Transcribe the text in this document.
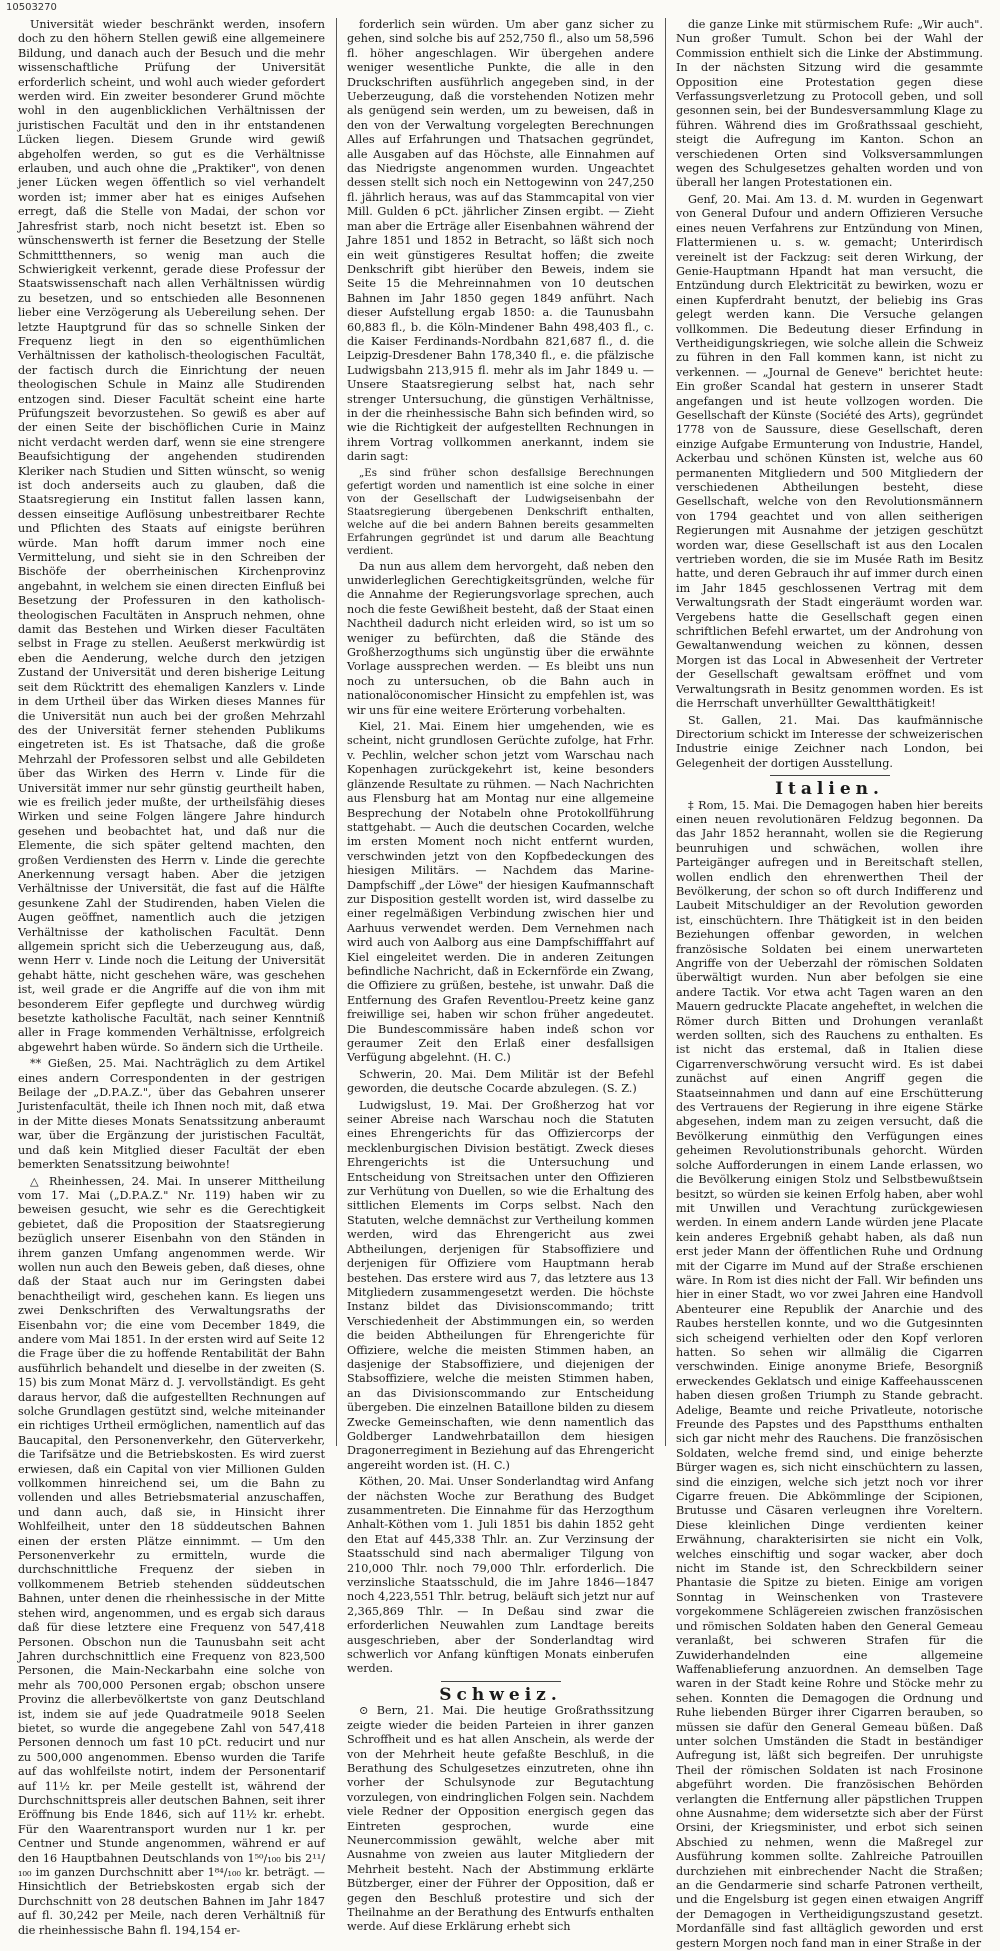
10503270

Universität wieder beschränkt werden, insofern doch zu den höhern Stellen gewiß eine allgemeinere Bildung, und danach auch der Besuch und die mehr wissenschaftliche Prüfung der Universität erforderlich scheint, und wohl auch wieder gefordert werden wird. Ein zweiter besonderer Grund möchte wohl in den augenblicklichen Verhältnissen der juristischen Facultät und den in ihr entstandenen Lücken liegen. Diesem Grunde wird gewiß abgeholfen werden, so gut es die Verhältnisse erlauben, und auch ohne die „Praktiker", von denen jener Lücken wegen öffentlich so viel verhandelt worden ist; immer aber hat es einiges Aufsehen erregt, daß die Stelle von Madai, der schon vor Jahresfrist starb, noch nicht besetzt ist. Eben so wünschenswerth ist ferner die Besetzung der Stelle Schmittthenners, so wenig man auch die Schwierigkeit verkennt, gerade diese Professur der Staatswissenschaft nach allen Verhältnissen würdig zu besetzen, und so entschieden alle Besonnenen lieber eine Verzögerung als Uebereilung sehen. Der letzte Hauptgrund für das so schnelle Sinken der Frequenz liegt in den so eigenthümlichen Verhältnissen der katholisch-theologischen Facultät, der factisch durch die Einrichtung der neuen theologischen Schule in Mainz alle Studirenden entzogen sind. Dieser Facultät scheint eine harte Prüfungszeit bevorzustehen. So gewiß es aber auf der einen Seite der bischöflichen Curie in Mainz nicht verdacht werden darf, wenn sie eine strengere Beaufsichtigung der angehenden studirenden Kleriker nach Studien und Sitten wünscht, so wenig ist doch anderseits auch zu glauben, daß die Staatsregierung ein Institut fallen lassen kann, dessen einseitige Auflösung unbestreitbarer Rechte und Pflichten des Staats auf einigste berühren würde. Man hofft darum immer noch eine Vermittelung, und sieht sie in den Schreiben der Bischöfe der oberrheinischen Kirchenprovinz angebahnt, in welchem sie einen directen Einfluß bei Besetzung der Professuren in den katholisch-theologischen Facultäten in Anspruch nehmen, ohne damit das Bestehen und Wirken dieser Facultäten selbst in Frage zu stellen. Aeußerst merkwürdig ist eben die Aenderung, welche durch den jetzigen Zustand der Universität und deren bisherige Leitung seit dem Rücktritt des ehemaligen Kanzlers v. Linde in dem Urtheil über das Wirken dieses Mannes für die Universität nun auch bei der großen Mehrzahl des der Universität ferner stehenden Publikums eingetreten ist. Es ist Thatsache, daß die große Mehrzahl der Professoren selbst und alle Gebildeten über das Wirken des Herrn v. Linde für die Universität immer nur sehr günstig geurtheilt haben, wie es freilich jeder mußte, der urtheilsfähig dieses Wirken und seine Folgen längere Jahre hindurch gesehen und beobachtet hat, und daß nur die Elemente, die sich später geltend machten, den großen Verdiensten des Herrn v. Linde die gerechte Anerkennung versagt haben. Aber die jetzigen Verhältnisse der Universität, die fast auf die Hälfte gesunkene Zahl der Studirenden, haben Vielen die Augen geöffnet, namentlich auch die jetzigen Verhältnisse der katholischen Facultät. Denn allgemein spricht sich die Ueberzeugung aus, daß, wenn Herr v. Linde noch die Leitung der Universität gehabt hätte, nicht geschehen wäre, was geschehen ist, weil grade er die Angriffe auf die von ihm mit besonderem Eifer gepflegte und durchweg würdig besetzte katholische Facultät, nach seiner Kenntniß aller in Frage kommenden Verhältnisse, erfolgreich abgewehrt haben würde. So ändern sich die Urtheile.

** Gießen, 25. Mai. Nachträglich zu dem Artikel eines andern Correspondenten in der gestrigen Beilage der „D.P.A.Z.", über das Gebahren unserer Juristenfacultät, theile ich Ihnen noch mit, daß etwa in der Mitte dieses Monats Senatssitzung anberaumt war, über die Ergänzung der juristischen Facultät, und daß kein Mitglied dieser Facultät der eben bemerkten Senatssitzung beiwohnte!

△ Rheinhessen, 24. Mai. In unserer Mittheilung vom 17. Mai („D.P.A.Z." Nr. 119) haben wir zu beweisen gesucht, wie sehr es die Gerechtigkeit gebietet, daß die Proposition der Staatsregierung bezüglich unserer Eisenbahn von den Ständen in ihrem ganzen Umfang angenommen werde. Wir wollen nun auch den Beweis geben, daß dieses, ohne daß der Staat auch nur im Geringsten dabei benachtheiligt wird, geschehen kann. Es liegen uns zwei Denkschriften des Verwaltungsraths der Eisenbahn vor; die eine vom December 1849, die andere vom Mai 1851. In der ersten wird auf Seite 12 die Frage über die zu hoffende Rentabilität der Bahn ausführlich behandelt und dieselbe in der zweiten (S. 15) bis zum Monat März d. J. vervollständigt. Es geht daraus hervor, daß die aufgestellten Rechnungen auf solche Grundlagen gestützt sind, welche miteinander ein richtiges Urtheil ermöglichen, namentlich auf das Baucapital, den Personenverkehr, den Güterverkehr, die Tarifsätze und die Betriebskosten. Es wird zuerst erwiesen, daß ein Capital von vier Millionen Gulden vollkommen hinreichend sei, um die Bahn zu vollenden und alles Betriebsmaterial anzuschaffen, und dann auch, daß sie, in Hinsicht ihrer Wohlfeilheit, unter den 18 süddeutschen Bahnen einen der ersten Plätze einnimmt. — Um den Personenverkehr zu ermitteln, wurde die durchschnittliche Frequenz der sieben in vollkommenem Betrieb stehenden süddeutschen Bahnen, unter denen die rheinhessische in der Mitte stehen wird, angenommen, und es ergab sich daraus daß für diese letztere eine Frequenz von 547,418 Personen. Obschon nun die Taunusbahn seit acht Jahren durchschnittlich eine Frequenz von 823,500 Personen, die Main-Neckarbahn eine solche von mehr als 700,000 Personen ergab; obschon unsere Provinz die allerbevölkertste von ganz Deutschland ist, indem sie auf jede Quadratmeile 9018 Seelen bietet, so wurde die angegebene Zahl von 547,418 Personen dennoch um fast 10 pCt. reducirt und nur zu 500,000 angenommen. Ebenso wurden die Tarife auf das wohlfeilste notirt, indem der Personentarif auf 11½ kr. per Meile gestellt ist, während der Durchschnittspreis aller deutschen Bahnen, seit ihrer Eröffnung bis Ende 1846, sich auf 11½ kr. erhebt. Für den Waarentransport wurden nur 1 kr. per Centner und Stunde angenommen, während er auf den 16 Hauptbahnen Deutschlands von 1⁵⁰/₁₀₀ bis 2¹¹/₁₀₀ im ganzen Durchschnitt aber 1⁸⁴/₁₀₀ kr. beträgt. — Hinsichtlich der Betriebskosten ergab sich der Durchschnitt von 28 deutschen Bahnen im Jahr 1847 auf fl. 30,242 per Meile, nach deren Verhältniß für die rheinhessische Bahn fl. 194,154 er-

forderlich sein würden. Um aber ganz sicher zu gehen, sind solche bis auf 252,750 fl., also um 58,596 fl. höher angeschlagen. Wir übergehen andere weniger wesentliche Punkte, die alle in den Druckschriften ausführlich angegeben sind, in der Ueberzeugung, daß die vorstehenden Notizen mehr als genügend sein werden, um zu beweisen, daß in den von der Verwaltung vorgelegten Berechnungen Alles auf Erfahrungen und Thatsachen gegründet, alle Ausgaben auf das Höchste, alle Einnahmen auf das Niedrigste angenommen wurden. Ungeachtet dessen stellt sich noch ein Nettogewinn von 247,250 fl. jährlich heraus, was auf das Stammcapital von vier Mill. Gulden 6 pCt. jährlicher Zinsen ergibt. — Zieht man aber die Erträge aller Eisenbahnen während der Jahre 1851 und 1852 in Betracht, so läßt sich noch ein weit günstigeres Resultat hoffen; die zweite Denkschrift gibt hierüber den Beweis, indem sie Seite 15 die Mehreinnahmen von 10 deutschen Bahnen im Jahr 1850 gegen 1849 anführt. Nach dieser Aufstellung ergab 1850: a. die Taunusbahn 60,883 fl., b. die Köln-Mindener Bahn 498,403 fl., c. die Kaiser Ferdinands-Nordbahn 821,687 fl., d. die Leipzig-Dresdener Bahn 178,340 fl., e. die pfälzische Ludwigsbahn 213,915 fl. mehr als im Jahr 1849 u. — Unsere Staatsregierung selbst hat, nach sehr strenger Untersuchung, die günstigen Verhältnisse, in der die rheinhessische Bahn sich befinden wird, so wie die Richtigkeit der aufgestellten Rechnungen in ihrem Vortrag vollkommen anerkannt, indem sie darin sagt:

„Es sind früher schon desfallsige Berechnungen gefertigt worden und namentlich ist eine solche in einer von der Gesellschaft der Ludwigseisenbahn der Staatsregierung übergebenen Denkschrift enthalten, welche auf die bei andern Bahnen bereits gesammelten Erfahrungen gegründet ist und darum alle Beachtung verdient.

Da nun aus allem dem hervorgeht, daß neben den unwiderleglichen Gerechtigkeitsgründen, welche für die Annahme der Regierungsvorlage sprechen, auch noch die feste Gewißheit besteht, daß der Staat einen Nachtheil dadurch nicht erleiden wird, so ist um so weniger zu befürchten, daß die Stände des Großherzogthums sich ungünstig über die erwähnte Vorlage aussprechen werden. — Es bleibt uns nun noch zu untersuchen, ob die Bahn auch in nationalöconomischer Hinsicht zu empfehlen ist, was wir uns für eine weitere Erörterung vorbehalten.

Kiel, 21. Mai. Einem hier umgehenden, wie es scheint, nicht grundlosen Gerüchte zufolge, hat Frhr. v. Pechlin, welcher schon jetzt vom Warschau nach Kopenhagen zurückgekehrt ist, keine besonders glänzende Resultate zu rühmen. — Nach Nachrichten aus Flensburg hat am Montag nur eine allgemeine Besprechung der Notabeln ohne Protokollführung stattgehabt. — Auch die deutschen Cocarden, welche im ersten Moment noch nicht entfernt wurden, verschwinden jetzt von den Kopfbedeckungen des hiesigen Militärs. — Nachdem das Marine-Dampfschiff „der Löwe" der hiesigen Kaufmannschaft zur Disposition gestellt worden ist, wird dasselbe zu einer regelmäßigen Verbindung zwischen hier und Aarhuus verwendet werden. Dem Vernehmen nach wird auch von Aalborg aus eine Dampfschifffahrt auf Kiel eingeleitet werden. Die in anderen Zeitungen befindliche Nachricht, daß in Eckernförde ein Zwang, die Offiziere zu grüßen, bestehe, ist unwahr. Daß die Entfernung des Grafen Reventlou-Preetz keine ganz freiwillige sei, haben wir schon früher angedeutet. Die Bundescommissäre haben indeß schon vor geraumer Zeit den Erlaß einer desfallsigen Verfügung abgelehnt. (H. C.)

Schwerin, 20. Mai. Dem Militär ist der Befehl geworden, die deutsche Cocarde abzulegen. (S. Z.)

Ludwigslust, 19. Mai. Der Großherzog hat vor seiner Abreise nach Warschau noch die Statuten eines Ehrengerichts für das Offiziercorps der mecklenburgischen Division bestätigt. Zweck dieses Ehrengerichts ist die Untersuchung und Entscheidung von Streitsachen unter den Offizieren zur Verhütung von Duellen, so wie die Erhaltung des sittlichen Elements im Corps selbst. Nach den Statuten, welche demnächst zur Vertheilung kommen werden, wird das Ehrengericht aus zwei Abtheilungen, derjenigen für Stabsoffiziere und derjenigen für Offiziere vom Hauptmann herab bestehen. Das erstere wird aus 7, das letztere aus 13 Mitgliedern zusammengesetzt werden. Die höchste Instanz bildet das Divisionscommando; tritt Verschiedenheit der Abstimmungen ein, so werden die beiden Abtheilungen für Ehrengerichte für Offiziere, welche die meisten Stimmen haben, an dasjenige der Stabsoffiziere, und diejenigen der Stabsoffiziere, welche die meisten Stimmen haben, an das Divisionscommando zur Entscheidung übergeben. Die einzelnen Bataillone bilden zu diesem Zwecke Gemeinschaften, wie denn namentlich das Goldberger Landwehrbataillon dem hiesigen Dragonerregiment in Beziehung auf das Ehrengericht angereiht worden ist. (H. C.)

Köthen, 20. Mai. Unser Sonderlandtag wird Anfang der nächsten Woche zur Berathung des Budget zusammentreten. Die Einnahme für das Herzogthum Anhalt-Köthen vom 1. Juli 1851 bis dahin 1852 geht den Etat auf 445,338 Thlr. an. Zur Verzinsung der Staatsschuld sind nach abermaliger Tilgung von 210,000 Thlr. noch 79,000 Thlr. erforderlich. Die verzinsliche Staatsschuld, die im Jahre 1846—1847 noch 4,223,551 Thlr. betrug, beläuft sich jetzt nur auf 2,365,869 Thlr. — In Deßau sind zwar die erforderlichen Neuwahlen zum Landtage bereits ausgeschrieben, aber der Sonderlandtag wird schwerlich vor Anfang künftigen Monats einberufen werden.

Schweiz.

⊙ Bern, 21. Mai. Die heutige Großrathssitzung zeigte wieder die beiden Parteien in ihrer ganzen Schroffheit und es hat allen Anschein, als werde der von der Mehrheit heute gefaßte Beschluß, in die Berathung des Schulgesetzes einzutreten, ohne ihn vorher der Schulsynode zur Begutachtung vorzulegen, von eindringlichen Folgen sein. Nachdem viele Redner der Opposition energisch gegen das Eintreten gesprochen, wurde eine Neunercommission gewählt, welche aber mit Ausnahme von zweien aus lauter Mitgliedern der Mehrheit besteht. Nach der Abstimmung erklärte Bützberger, einer der Führer der Opposition, daß er gegen den Beschluß protestire und sich der Theilnahme an der Berathung des Entwurfs enthalten werde. Auf diese Erklärung erhebt sich

die ganze Linke mit stürmischem Rufe: „Wir auch". Nun großer Tumult. Schon bei der Wahl der Commission enthielt sich die Linke der Abstimmung. In der nächsten Sitzung wird die gesammte Opposition eine Protestation gegen diese Verfassungsverletzung zu Protocoll geben, und soll gesonnen sein, bei der Bundesversammlung Klage zu führen. Während dies im Großrathssaal geschieht, steigt die Aufregung im Kanton. Schon an verschiedenen Orten sind Volksversammlungen wegen des Schulgesetzes gehalten worden und von überall her langen Protestationen ein.

Genf, 20. Mai. Am 13. d. M. wurden in Gegenwart von General Dufour und andern Offizieren Versuche eines neuen Verfahrens zur Entzündung von Minen, Flattermienen u. s. w. gemacht; Unterirdisch vereinelt ist der Fackzug: seit deren Wirkung, der Genie-Hauptmann Hpandt hat man versucht, die Entzündung durch Elektricität zu bewirken, wozu er einen Kupferdraht benutzt, der beliebig ins Gras gelegt werden kann. Die Versuche gelangen vollkommen. Die Bedeutung dieser Erfindung in Vertheidigungskriegen, wie solche allein die Schweiz zu führen in den Fall kommen kann, ist nicht zu verkennen. — „Journal de Geneve" berichtet heute: Ein großer Scandal hat gestern in unserer Stadt angefangen und ist heute vollzogen worden. Die Gesellschaft der Künste (Société des Arts), gegründet 1778 von de Saussure, diese Gesellschaft, deren einzige Aufgabe Ermunterung von Industrie, Handel, Ackerbau und schönen Künsten ist, welche aus 60 permanenten Mitgliedern und 500 Mitgliedern der verschiedenen Abtheilungen besteht, diese Gesellschaft, welche von den Revolutionsmännern von 1794 geachtet und von allen seitherigen Regierungen mit Ausnahme der jetzigen geschützt worden war, diese Gesellschaft ist aus den Localen vertrieben worden, die sie im Musée Rath im Besitz hatte, und deren Gebrauch ihr auf immer durch einen im Jahr 1845 geschlossenen Vertrag mit dem Verwaltungsrath der Stadt eingeräumt worden war. Vergebens hatte die Gesellschaft gegen einen schriftlichen Befehl erwartet, um der Androhung von Gewaltanwendung weichen zu können, dessen Morgen ist das Local in Abwesenheit der Vertreter der Gesellschaft gewaltsam eröffnet und vom Verwaltungsrath in Besitz genommen worden. Es ist die Herrschaft unverhüllter Gewaltthätigkeit!

St. Gallen, 21. Mai. Das kaufmännische Directorium schickt im Interesse der schweizerischen Industrie einige Zeichner nach London, bei Gelegenheit der dortigen Ausstellung.

Italien.

‡ Rom, 15. Mai. Die Demagogen haben hier bereits einen neuen revolutionären Feldzug begonnen. Da das Jahr 1852 herannaht, wollen sie die Regierung beunruhigen und schwächen, wollen ihre Parteigänger aufregen und in Bereitschaft stellen, wollen endlich den ehrenwerthen Theil der Bevölkerung, der schon so oft durch Indifferenz und Laubeit Mitschuldiger an der Revolution geworden ist, einschüchtern. Ihre Thätigkeit ist in den beiden Beziehungen offenbar geworden, in welchen französische Soldaten bei einem unerwarteten Angriffe von der Ueberzahl der römischen Soldaten überwältigt wurden. Nun aber befolgen sie eine andere Tactik. Vor etwa acht Tagen waren an den Mauern gedruckte Placate angeheftet, in welchen die Römer durch Bitten und Drohungen veranlaßt werden sollten, sich des Rauchens zu enthalten. Es ist nicht das erstemal, daß in Italien diese Cigarrenverschwörung versucht wird. Es ist dabei zunächst auf einen Angriff gegen die Staatseinnahmen und dann auf eine Erschütterung des Vertrauens der Regierung in ihre eigene Stärke abgesehen, indem man zu zeigen versucht, daß die Bevölkerung einmüthig den Verfügungen eines geheimen Revolutionstribunals gehorcht. Würden solche Aufforderungen in einem Lande erlassen, wo die Bevölkerung einigen Stolz und Selbstbewußtsein besitzt, so würden sie keinen Erfolg haben, aber wohl mit Unwillen und Verachtung zurückgewiesen werden. In einem andern Lande würden jene Placate kein anderes Ergebniß gehabt haben, als daß nun erst jeder Mann der öffentlichen Ruhe und Ordnung mit der Cigarre im Mund auf der Straße erschienen wäre. In Rom ist dies nicht der Fall. Wir befinden uns hier in einer Stadt, wo vor zwei Jahren eine Handvoll Abenteurer eine Republik der Anarchie und des Raubes herstellen konnte, und wo die Gutgesinnten sich scheigend verhielten oder den Kopf verloren hatten. So sehen wir allmälig die Cigarren verschwinden. Einige anonyme Briefe, Besorgniß erweckendes Geklatsch und einige Kaffeehausscenen haben diesen großen Triumph zu Stande gebracht. Adelige, Beamte und reiche Privatleute, notorische Freunde des Papstes und des Papstthums enthalten sich gar nicht mehr des Rauchens. Die französischen Soldaten, welche fremd sind, und einige beherzte Bürger wagen es, sich nicht einschüchtern zu lassen, sind die einzigen, welche sich jetzt noch vor ihrer Cigarre freuen. Die Abkömmlinge der Scipionen, Brutusse und Cäsaren verleugnen ihre Voreltern. Diese kleinlichen Dinge verdienten keiner Erwähnung, charakterisirten sie nicht ein Volk, welches einschiftig und sogar wacker, aber doch nicht im Stande ist, den Schreckbildern seiner Phantasie die Spitze zu bieten. Einige am vorigen Sonntag in Weinschenken von Trastevere vorgekommene Schlägereien zwischen französischen und römischen Soldaten haben den General Gemeau veranlaßt, bei schweren Strafen für die Zuwiderhandelnden eine allgemeine Waffenablieferung anzuordnen. An demselben Tage waren in der Stadt keine Rohre und Stöcke mehr zu sehen. Konnten die Demagogen die Ordnung und Ruhe liebenden Bürger ihrer Cigarren berauben, so müssen sie dafür den General Gemeau büßen. Daß unter solchen Umständen die Stadt in beständiger Aufregung ist, läßt sich begreifen. Der unruhigste Theil der römischen Soldaten ist nach Frosinone abgeführt worden. Die französischen Behörden verlangten die Entfernung aller päpstlichen Truppen ohne Ausnahme; dem widersetzte sich aber der Fürst Orsini, der Kriegsminister, und erbot sich seinen Abschied zu nehmen, wenn die Maßregel zur Ausführung kommen sollte. Zahlreiche Patrouillen durchziehen mit einbrechender Nacht die Straßen; an die Gendarmerie sind scharfe Patronen vertheilt, und die Engelsburg ist gegen einen etwaigen Angriff der Demagogen in Vertheidigungszustand gesetzt. Mordanfälle sind fast alltäglich geworden und erst gestern Morgen noch fand man in einer Straße in der
